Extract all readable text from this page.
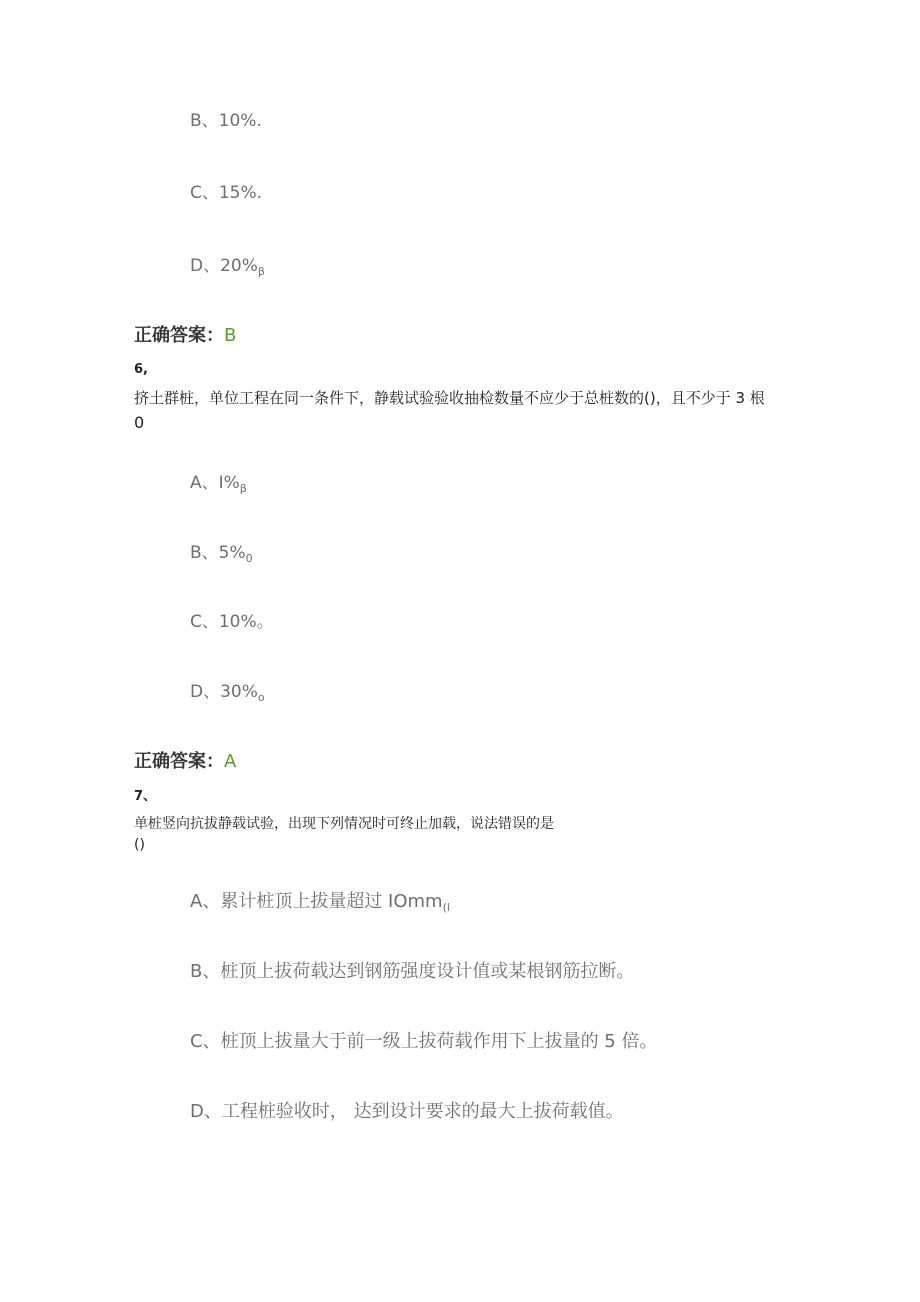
B、10%.
C、15%.
D、$20\%_\beta$
正确答案：B
6,
挤土群桩，单位工程在同一条件下，静载试验验收抽检数量不应少于总桩数的()，且不少于 3 根
0
A、$I\%_\beta$
B、$5\%_0$
C、10%。
D、$30\%_o$
正确答案：A
7、
单桩竖向抗拔静载试验，出现下列情况时可终止加载，说法错误的是
()
A、累计桩顶上拔量超过 IOmm$_{(l}$
B、桩顶上拔荷载达到钢筋强度设计值或某根钢筋拉断。
C、桩顶上拔量大于前一级上拔荷载作用下上拔量的 5 倍。
D、工程桩验收时， 达到设计要求的最大上拔荷载值。
